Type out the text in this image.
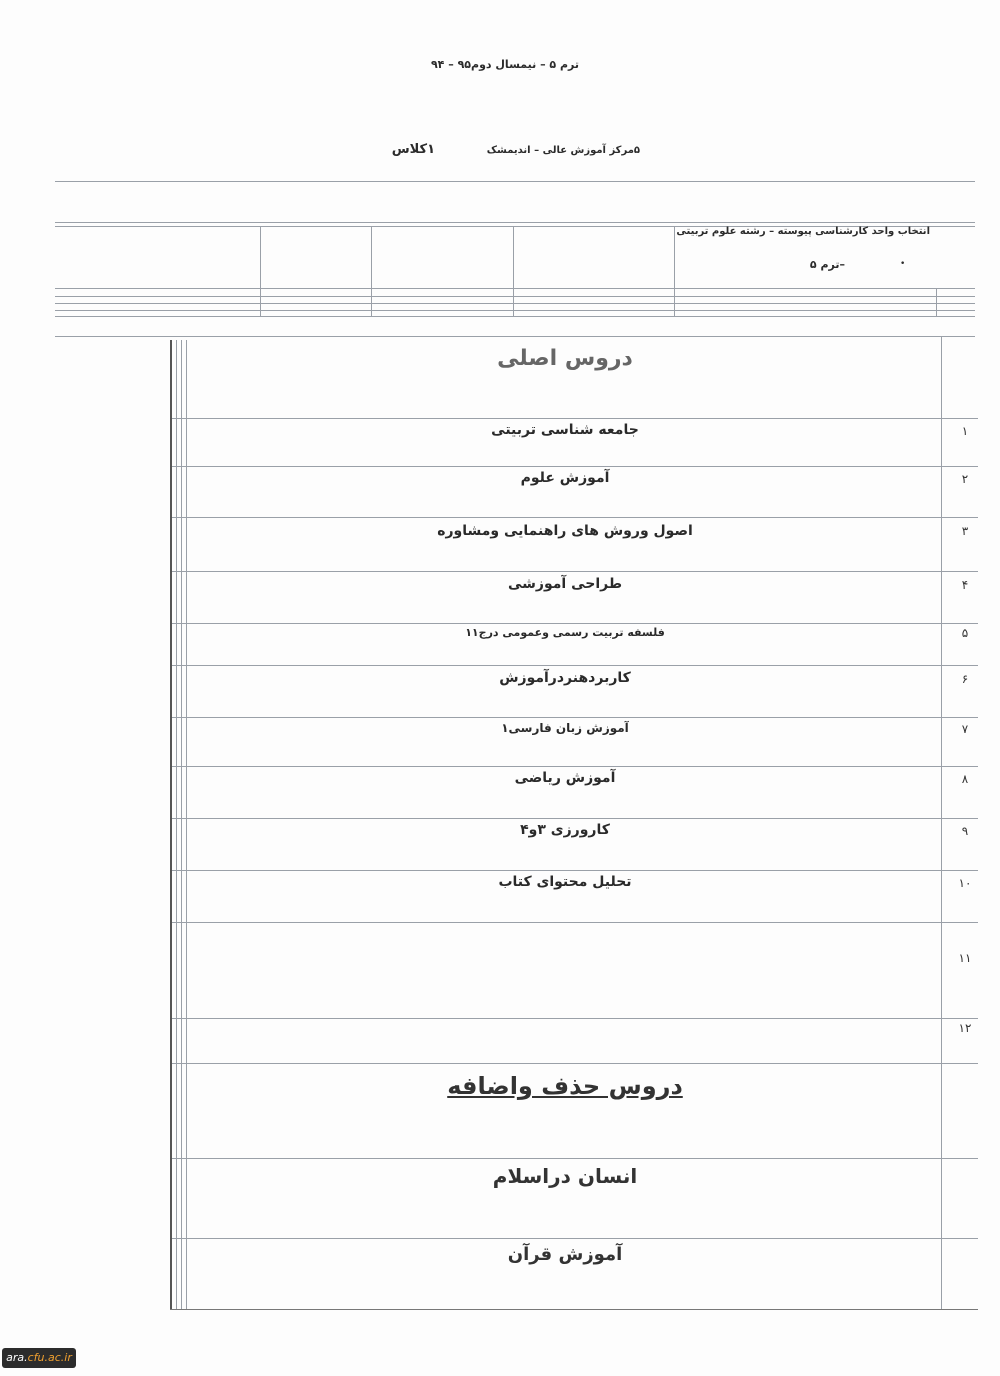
ترم ۵ – نیمسال دوم۹۵ – ۹۴
۵مرکز آموزش عالی – اندیمشک
۱کلاس
انتخاب واحد کارشناسی پیوسته – رشته علوم تربیتی
–ترم ۵	•
دروس اصلی
۱
جامعه شناسی تربیتی
۲
آموزش علوم
۳
اصول وروش های راهنمایی ومشاوره
۴
طراحی آموزشی
۵
فلسفه تربیت رسمی وعمومی درج۱۱
۶
کاربردهنردرآموزش
۷
آموزش زبان فارسی۱
۸
آموزش ریاضی
۹
کارورزی ۳و۴
۱۰
تحلیل محتوای کتاب
۱۱
۱۲
دروس حذف واضافه
انسان دراسلام
آموزش قرآن
ara.cfu.ac.ir
